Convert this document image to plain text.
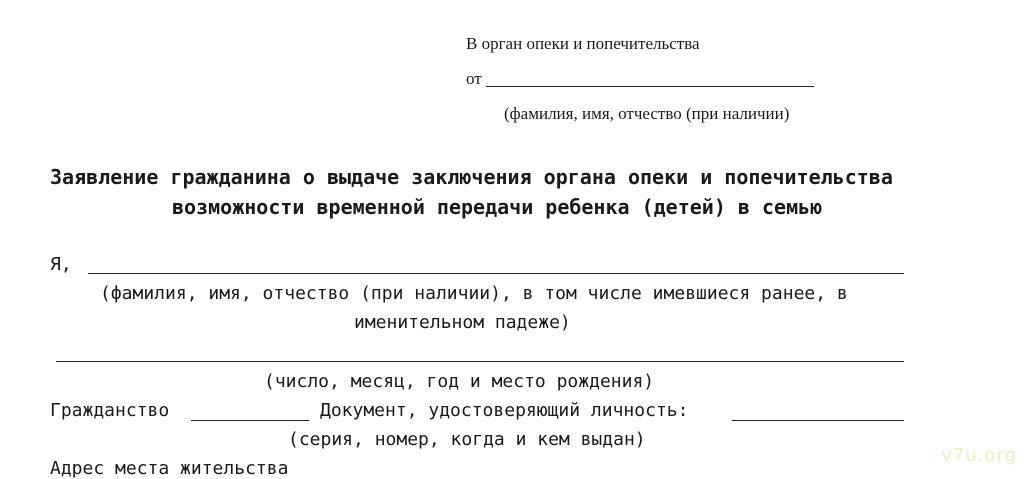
В орган опеки и попечительства
от
(фамилия, имя, отчество (при наличии)
Заявление гражданина о выдаче заключения органа опеки и попечительства
возможности временной передачи ребенка (детей) в семью
Я,
(фамилия, имя, отчество (при наличии), в том числе имевшиеся ранее, в
именительном падеже)
(число, месяц, год и место рождения)
Гражданство	Документ, удостоверяющий личность:
(серия, номер, когда и кем выдан)
Адрес места жительства
v7u.org
